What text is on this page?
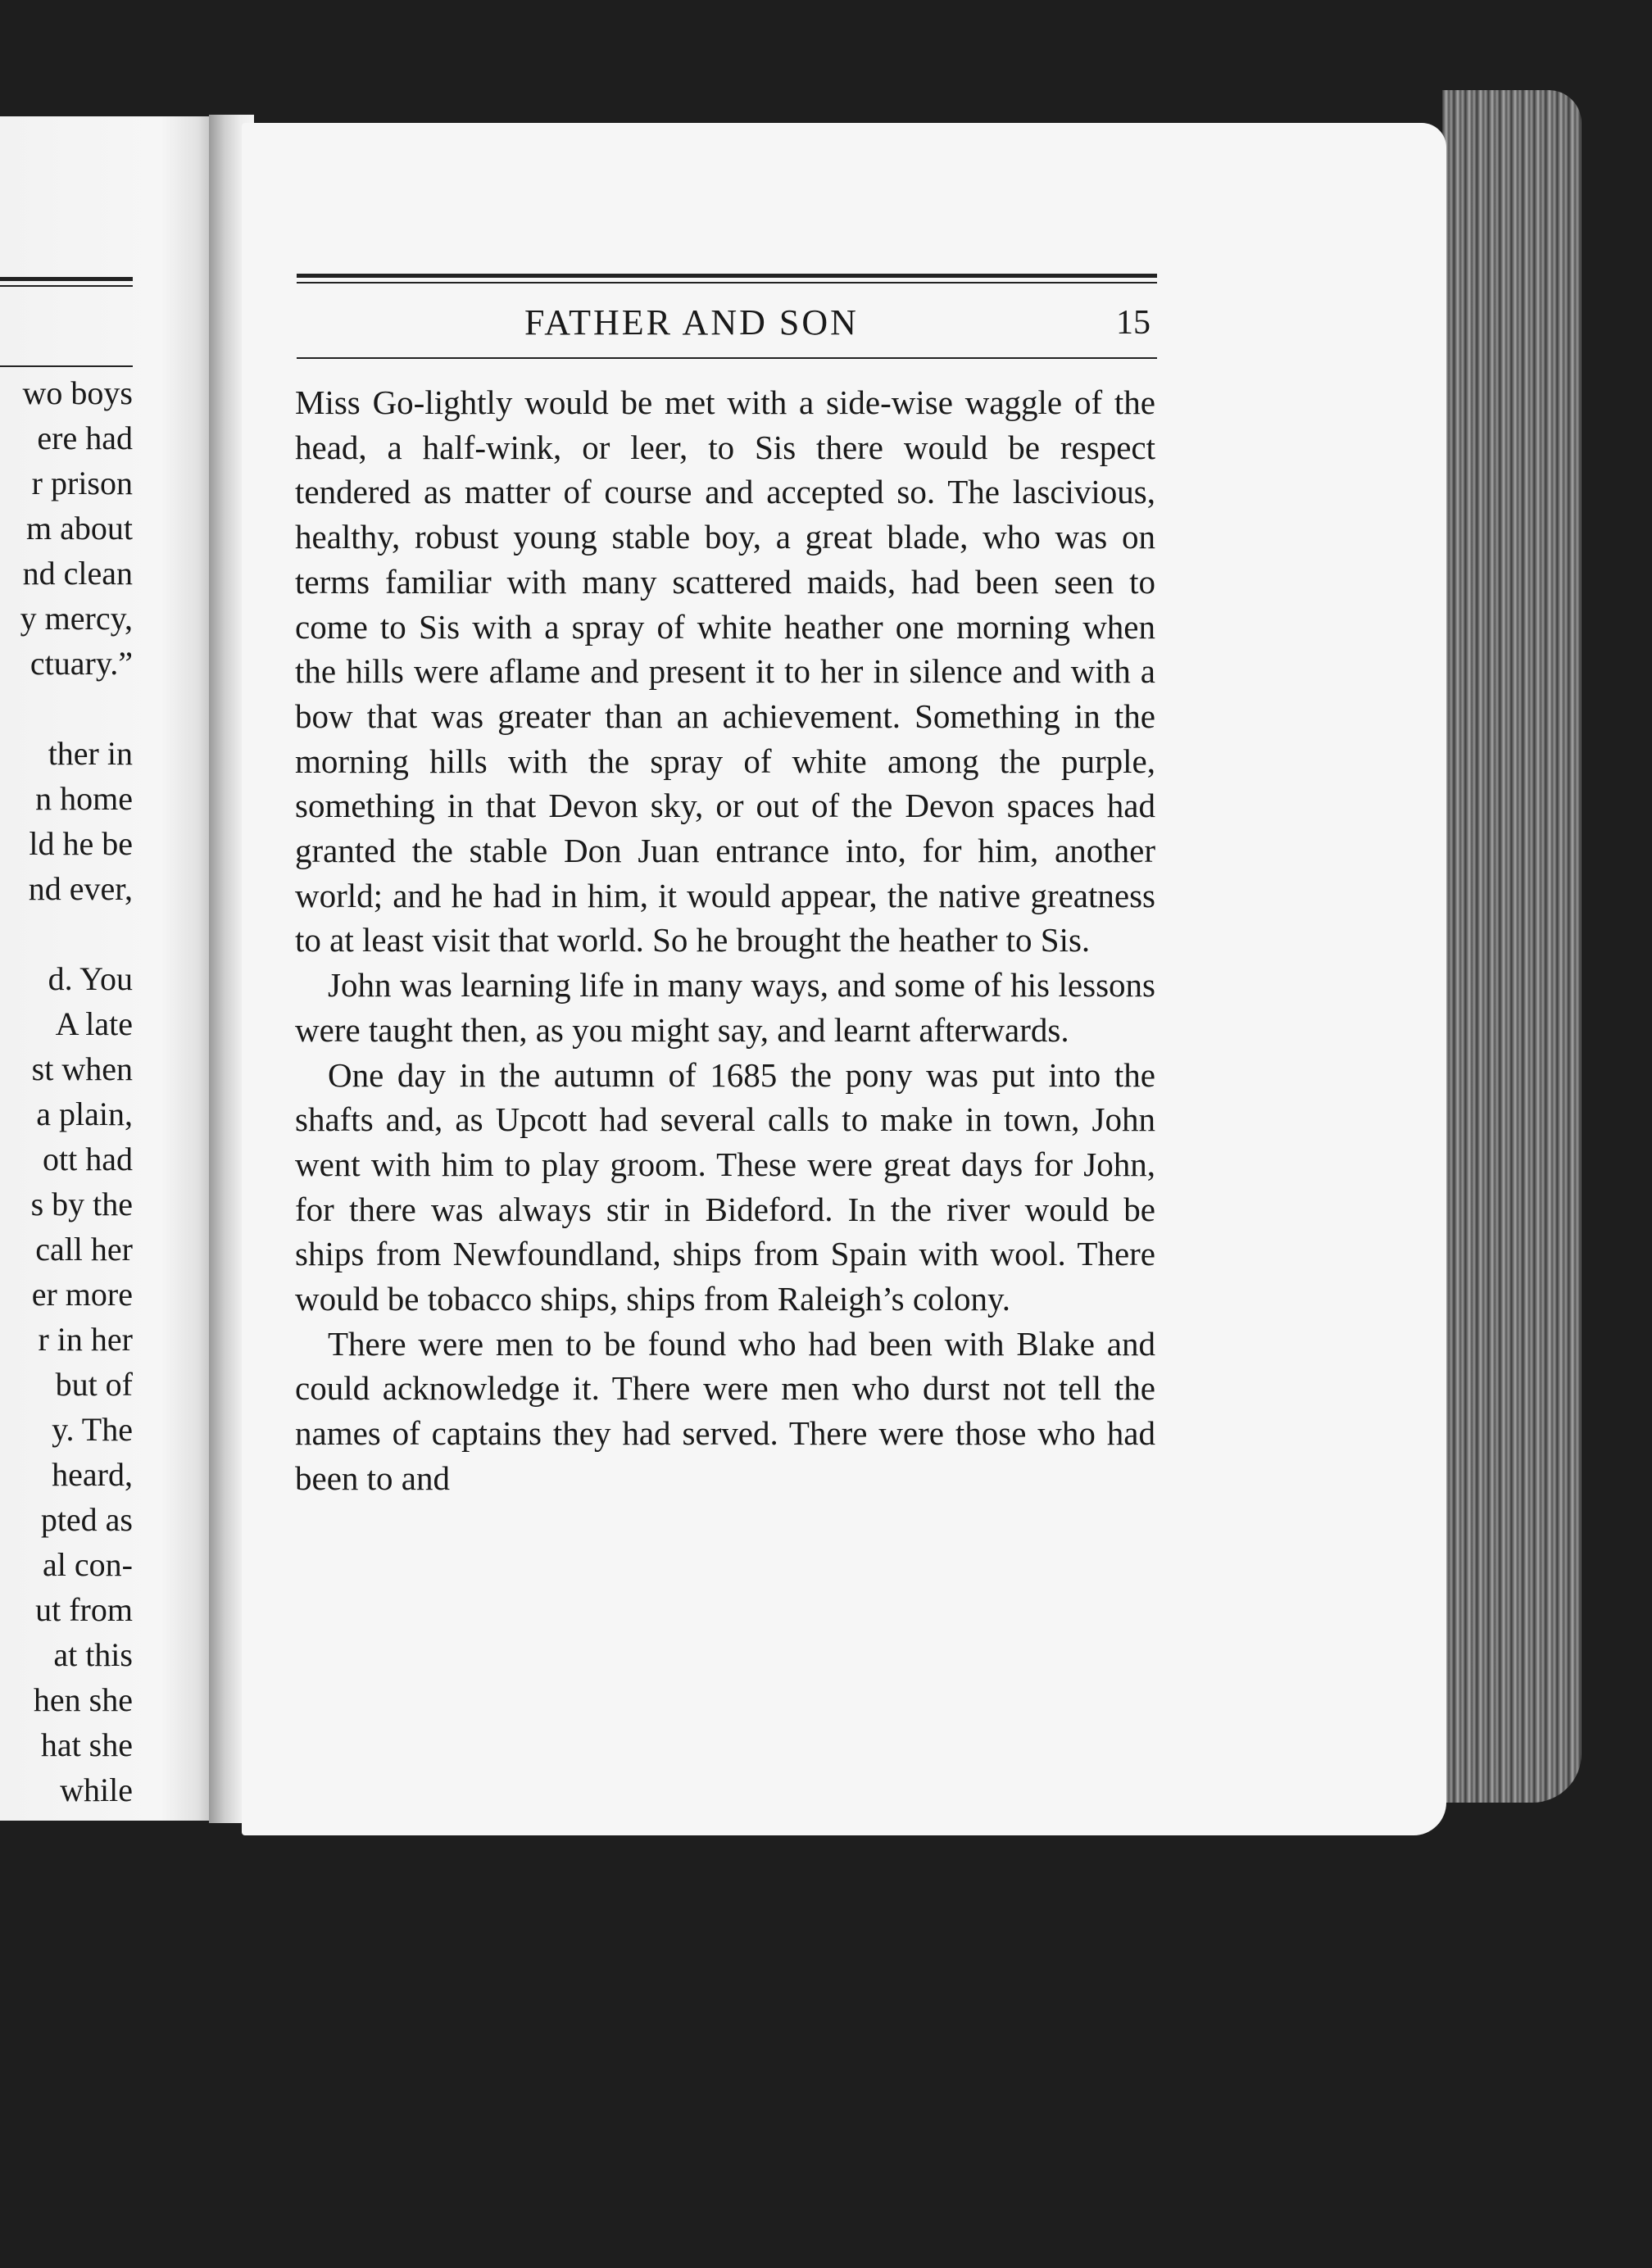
wo boys
ere had
r prison
m about
nd clean
y mercy,
ctuary.”
ther in
n home
ld he be
nd ever,
d. You
A late
st when
a plain,
ott had
s by the
call her
er more
r in her
but of
y. The
heard,
pted as
al con-
ut from
at this
hen she
hat she
while
FATHER AND SON	15

Miss Go-lightly would be met with a side-wise waggle of the head, a half-wink, or leer, to Sis there would be respect tendered as matter of course and accepted so. The lascivious, healthy, robust young stable boy, a great blade, who was on terms familiar with many scattered maids, had been seen to come to Sis with a spray of white heather one morning when the hills were aflame and present it to her in silence and with a bow that was greater than an achievement. Something in the morning hills with the spray of white among the purple, something in that Devon sky, or out of the Devon spaces had granted the stable Don Juan entrance into, for him, another world; and he had in him, it would appear, the native greatness to at least visit that world. So he brought the heather to Sis.

John was learning life in many ways, and some of his lessons were taught then, as you might say, and learnt afterwards.

One day in the autumn of 1685 the pony was put into the shafts and, as Upcott had several calls to make in town, John went with him to play groom. These were great days for John, for there was always stir in Bideford. In the river would be ships from Newfoundland, ships from Spain with wool. There would be tobacco ships, ships from Raleigh’s colony.

There were men to be found who had been with Blake and could acknowledge it. There were men who durst not tell the names of captains they had served. There were those who had been to and
